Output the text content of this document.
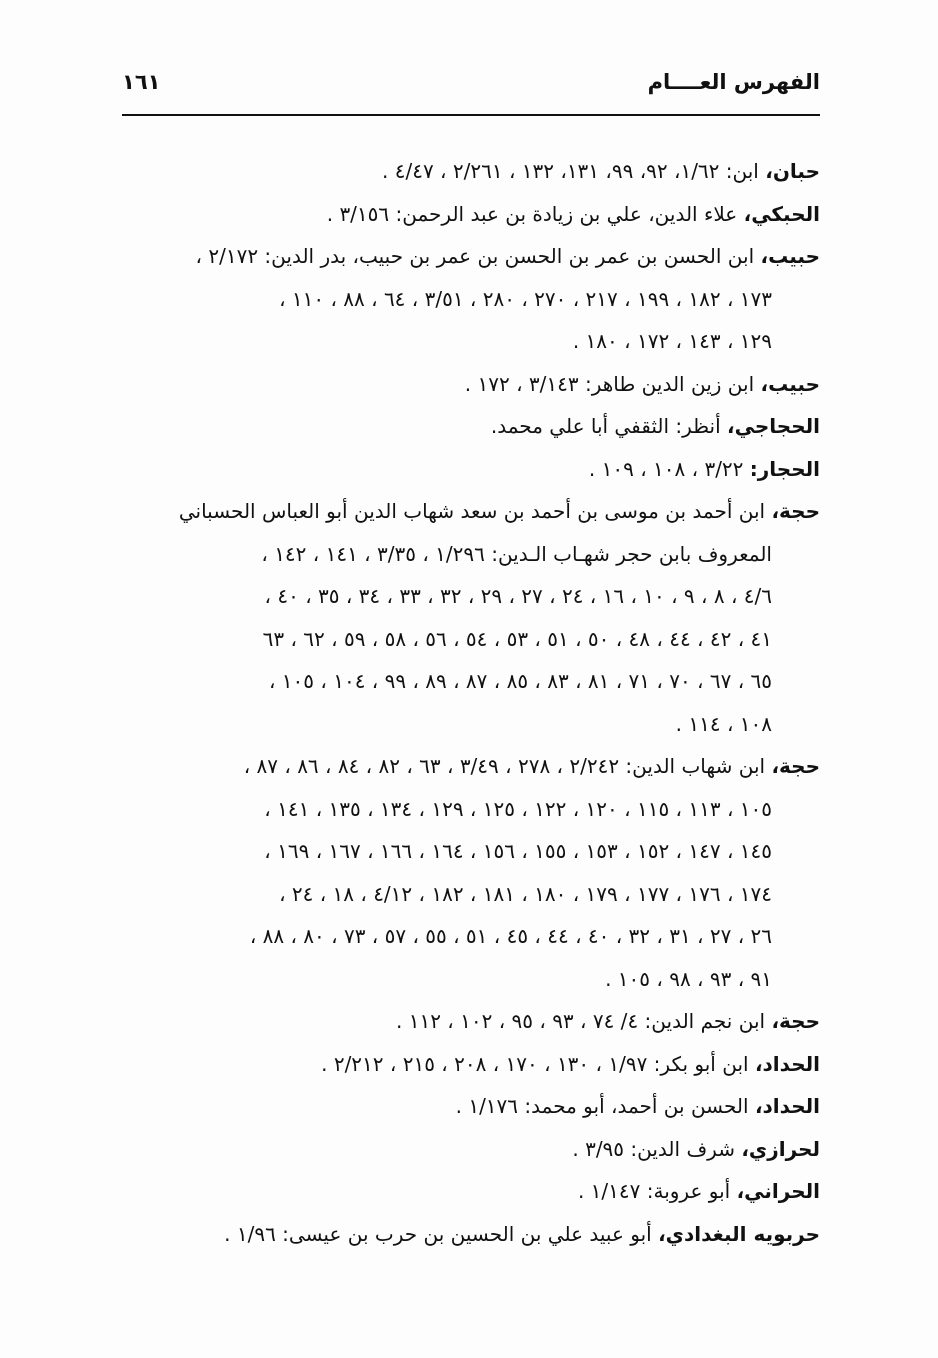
الفهرس العــــام
١٦١
حبان، ابن: ١/٦٢، ٩٢، ٩٩، ١٣١، ١٣٢ ، ٢/٢٦١ ، ٤/٤٧ .
الحبكي، علاء الدين، علي بن زيادة بن عبد الرحمن: ٣/١٥٦ .
حبيب، ابن الحسن بن عمر بن الحسن بن عمر بن حبيب، بدر الدين: ٢/١٧٢ ،
١٧٣ ، ١٨٢ ، ١٩٩ ، ٢١٧ ، ٢٧٠ ، ٢٨٠ ، ٣/٥١ ، ٦٤ ، ٨٨ ، ١١٠ ،
١٢٩ ، ١٤٣ ، ١٧٢ ، ١٨٠ .
حبيب، ابن زين الدين طاهر: ٣/١٤٣ ، ١٧٢ .
الحجاجي، أنظر: الثقفي أبا علي محمد.
الحجار: ٣/٢٢ ، ١٠٨ ، ١٠٩ .
حجة، ابن أحمد بن موسى بن أحمد بن سعد شهاب الدين أبو العباس الحسباني
المعروف بابن حجر شهـاب الـدين: ١/٢٩٦ ، ٣/٣٥ ، ١٤١ ، ١٤٢ ،
٤/٦ ، ٨ ، ٩ ، ١٠ ، ١٦ ، ٢٤ ، ٢٧ ، ٢٩ ، ٣٢ ، ٣٣ ، ٣٤ ، ٣٥ ، ٤٠ ،
٤١ ، ٤٢ ، ٤٤ ، ٤٨ ، ٥٠ ، ٥١ ، ٥٣ ، ٥٤ ، ٥٦ ، ٥٨ ، ٥٩ ، ٦٢ ، ٦٣
٦٥ ، ٦٧ ، ٧٠ ، ٧١ ، ٨١ ، ٨٣ ، ٨٥ ، ٨٧ ، ٨٩ ، ٩٩ ، ١٠٤ ، ١٠٥ ،
١٠٨ ، ١١٤ .
حجة، ابن شهاب الدين: ٢/٢٤٢ ، ٢٧٨ ، ٣/٤٩ ، ٦٣ ، ٨٢ ، ٨٤ ، ٨٦ ، ٨٧ ،
١٠٥ ، ١١٣ ، ١١٥ ، ١٢٠ ، ١٢٢ ، ١٢٥ ، ١٢٩ ، ١٣٤ ، ١٣٥ ، ١٤١ ،
١٤٥ ، ١٤٧ ، ١٥٢ ، ١٥٣ ، ١٥٥ ، ١٥٦ ، ١٦٤ ، ١٦٦ ، ١٦٧ ، ١٦٩ ،
١٧٤ ، ١٧٦ ، ١٧٧ ، ١٧٩ ، ١٨٠ ، ١٨١ ، ١٨٢ ، ٤/١٢ ، ١٨ ، ٢٤ ،
٢٦ ، ٢٧ ، ٣١ ، ٣٢ ، ٤٠ ، ٤٤ ، ٤٥ ، ٥١ ، ٥٥ ، ٥٧ ، ٧٣ ، ٨٠ ، ٨٨ ،
٩١ ، ٩٣ ، ٩٨ ، ١٠٥ .
حجة، ابن نجم الدين: ٤/ ٧٤ ، ٩٣ ، ٩٥ ، ١٠٢ ، ١١٢ .
الحداد، ابن أبو بكر: ١/٩٧ ، ١٣٠ ، ١٧٠ ، ٢٠٨ ، ٢١٥ ، ٢/٢١٢ .
الحداد، الحسن بن أحمد، أبو محمد: ١/١٧٦ .
لحرازي، شرف الدين: ٣/٩٥ .
الحراني، أبو عروبة: ١/١٤٧ .
حربويه البغدادي، أبو عبيد علي بن الحسين بن حرب بن عيسى: ١/٩٦ .
